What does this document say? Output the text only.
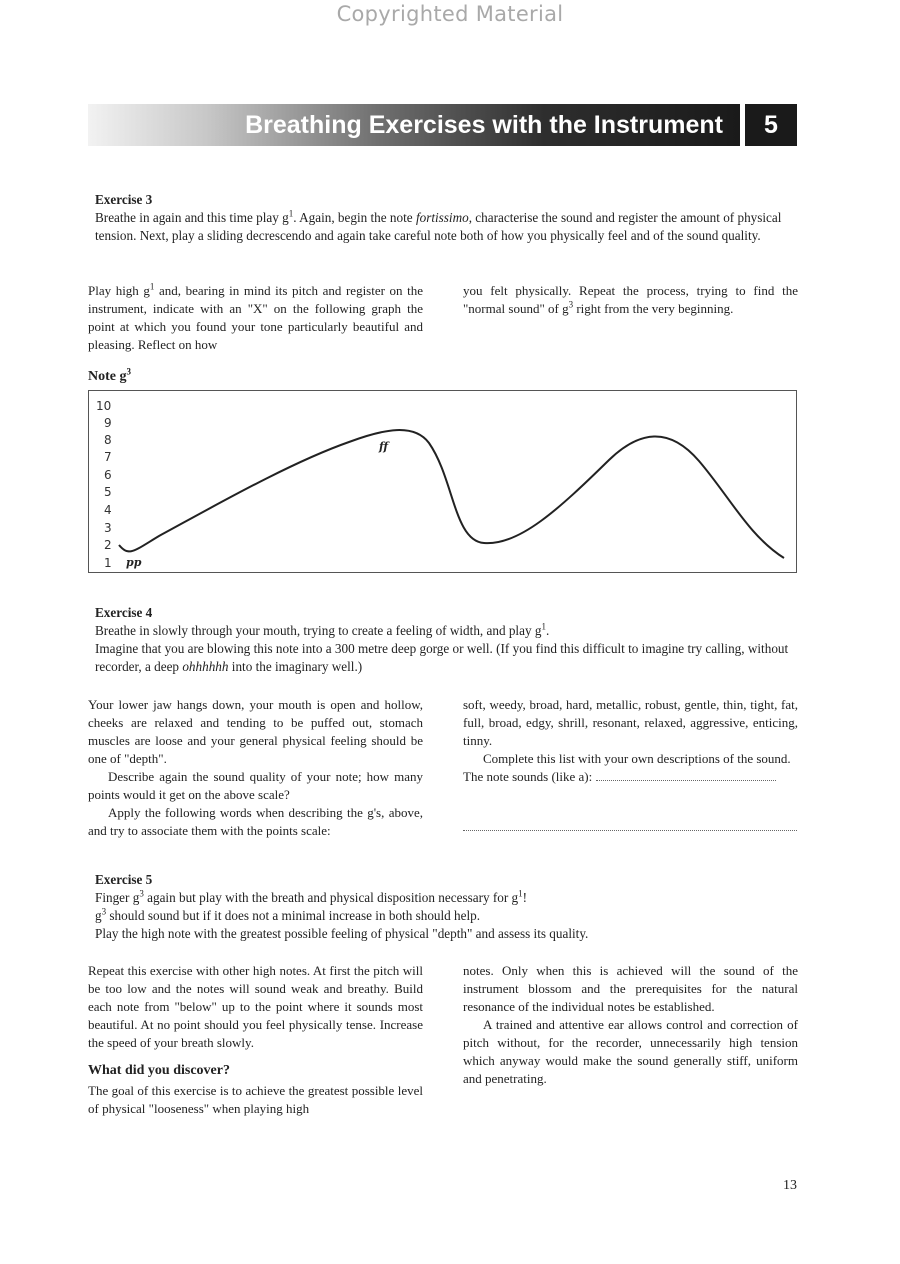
Copyrighted Material
Breathing Exercises with the Instrument	5
Exercise 3
Breathe in again and this time play $g^1$. Again, begin the note fortissimo, characterise the sound and register the amount of physical tension. Next, play a sliding decrescendo and again take careful note both of how you physically feel and of the sound quality.

Play high $g^1$ and, bearing in mind its pitch and register on the instrument, indicate with an "X" on the following graph the point at which you found your tone particularly beautiful and pleasing. Reflect on how

you felt physically. Repeat the process, trying to find the "normal sound" of $g^3$ right from the very beginning.

Note $g^3$
10
9
8
7
6
5
4
3
2
1 pp
ff
Exercise 4
Breathe in slowly through your mouth, trying to create a feeling of width, and play $g^1$.
Imagine that you are blowing this note into a 300 metre deep gorge or well. (If you find this difficult to imagine try calling, without recorder, a deep ohhhhhh into the imaginary well.)

Your lower jaw hangs down, your mouth is open and hollow, cheeks are relaxed and tending to be puffed out, stomach muscles are loose and your general physical feeling should be one of "depth".

Describe again the sound quality of your note; how many points would it get on the above scale?

Apply the following words when describing the g's, above, and try to associate them with the points scale:

soft, weedy, broad, hard, metallic, robust, gentle, thin, tight, fat, full, broad, edgy, shrill, resonant, relaxed, aggressive, enticing, tinny.

Complete this list with your own descriptions of the sound.

The note sounds (like a):

Exercise 5
Finger $g^3$ again but play with the breath and physical disposition necessary for $g^1$!
$g^3$ should sound but if it does not a minimal increase in both should help.
Play the high note with the greatest possible feeling of physical "depth" and assess its quality.

Repeat this exercise with other high notes. At first the pitch will be too low and the notes will sound weak and breathy. Build each note from "below" up to the point where it sounds most beautiful. At no point should you feel physically tense. Increase the speed of your breath slowly.

What did you discover?

The goal of this exercise is to achieve the greatest possible level of physical "looseness" when playing high

notes. Only when this is achieved will the sound of the instrument blossom and the prerequisites for the natural resonance of the individual notes be established.

A trained and attentive ear allows control and correction of pitch without, for the recorder, unnecessarily high tension which anyway would make the sound generally stiff, uniform and penetrating.

13
